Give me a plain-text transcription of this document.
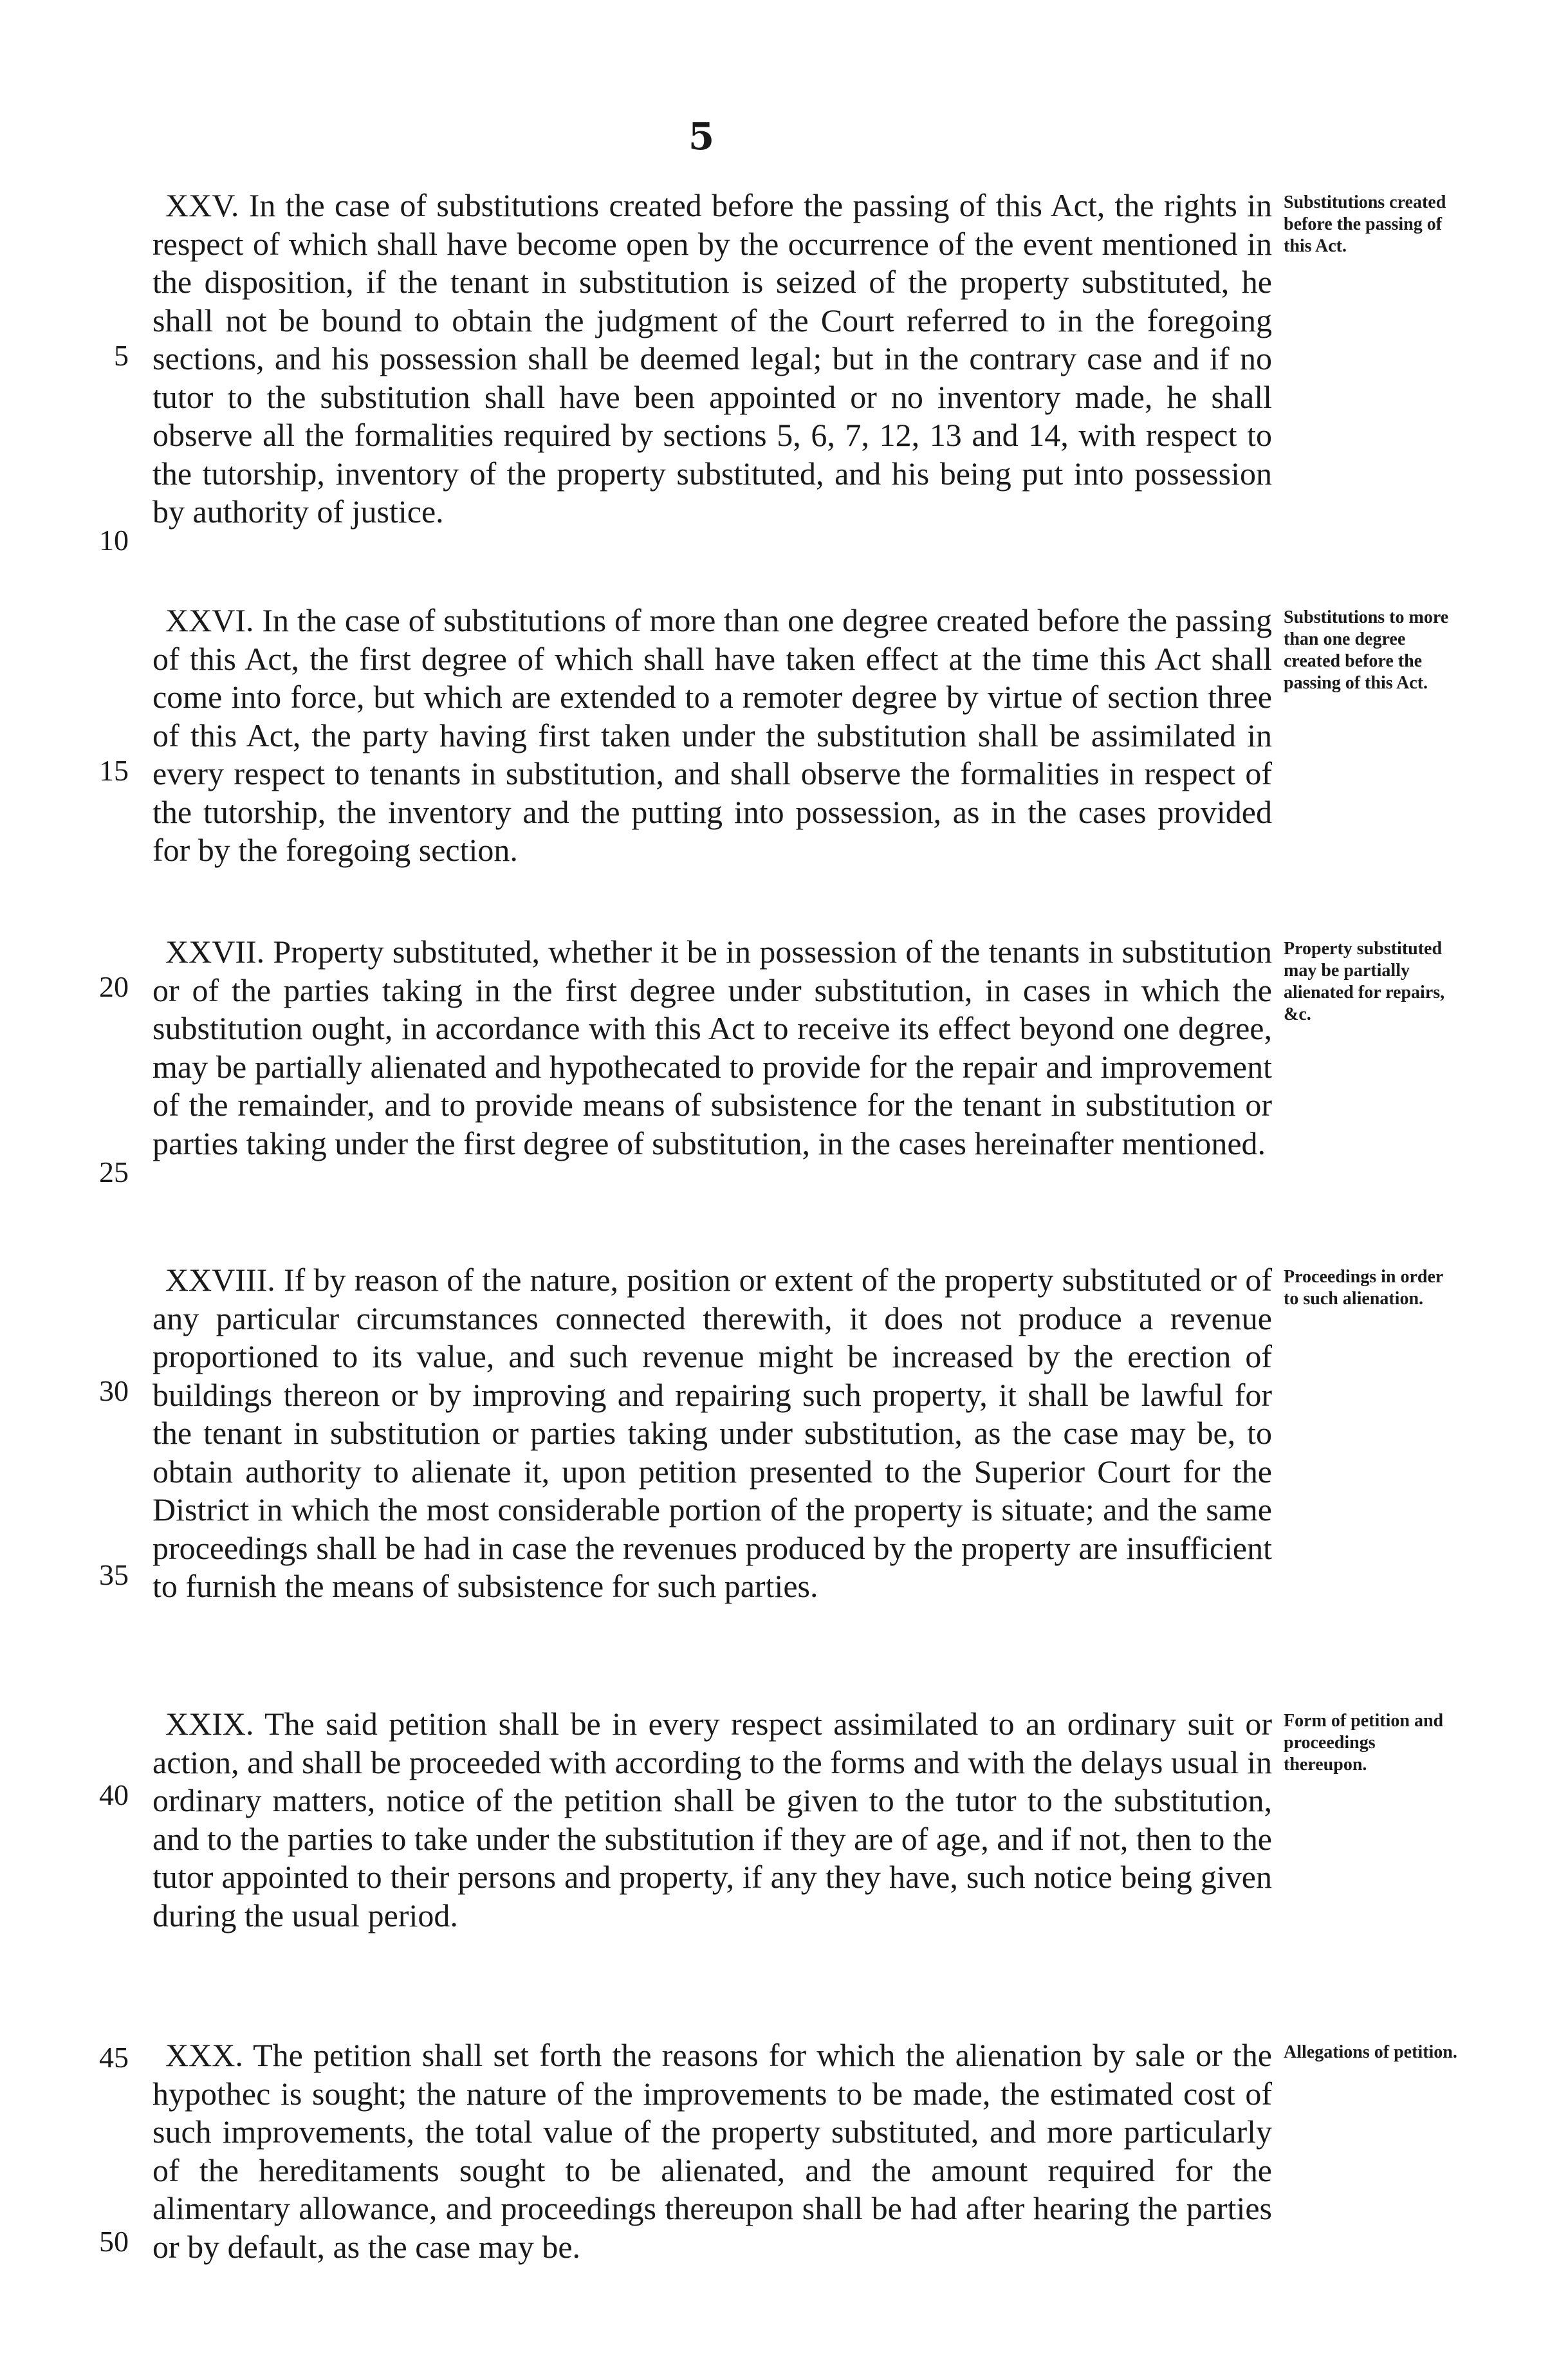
5

XXV. In the case of substitutions created before the passing of this Act, the rights in respect of which shall have become open by the occurrence of the event mentioned in the disposition, if the tenant in substitution is seized of the property substituted, he shall not be bound to obtain the judgment of the Court referred to in the foregoing sections, and his possession shall be deemed legal; but in the contrary case and if no tutor to the substitution shall have been appointed or no inventory made, he shall observe all the formalities required by sections 5, 6, 7, 12, 13 and 14, with respect to the tutorship, inventory of the property substituted, and his being put into possession by authority of justice.

Substitutions created before the passing of this Act.

XXVI. In the case of substitutions of more than one degree created before the passing of this Act, the first degree of which shall have taken effect at the time this Act shall come into force, but which are extended to a remoter degree by virtue of section three of this Act, the party having first taken under the substitution shall be assimilated in every respect to tenants in substitution, and shall observe the formalities in respect of the tutorship, the inventory and the putting into possession, as in the cases provided for by the foregoing section.

Substitutions to more than one degree created before the passing of this Act.

XXVII. Property substituted, whether it be in possession of the tenants in substitution or of the parties taking in the first degree under substitution, in cases in which the substitution ought, in accordance with this Act to receive its effect beyond one degree, may be partially alienated and hypothecated to provide for the repair and improvement of the remainder, and to provide means of subsistence for the tenant in substitution or parties taking under the first degree of substitution, in the cases hereinafter mentioned.

Property substituted may be partially alienated for repairs, &c.

XXVIII. If by reason of the nature, position or extent of the property substituted or of any particular circumstances connected therewith, it does not produce a revenue proportioned to its value, and such revenue might be increased by the erection of buildings thereon or by improving and repairing such property, it shall be lawful for the tenant in substitution or parties taking under substitution, as the case may be, to obtain authority to alienate it, upon petition presented to the Superior Court for the District in which the most considerable portion of the property is situate; and the same proceedings shall be had in case the revenues produced by the property are insufficient to furnish the means of subsistence for such parties.

Proceedings in order to such alienation.

XXIX. The said petition shall be in every respect assimilated to an ordinary suit or action, and shall be proceeded with according to the forms and with the delays usual in ordinary matters, notice of the petition shall be given to the tutor to the substitution, and to the parties to take under the substitution if they are of age, and if not, then to the tutor appointed to their persons and property, if any they have, such notice being given during the usual period.

Form of petition and proceedings thereupon.

XXX. The petition shall set forth the reasons for which the alienation by sale or the hypothec is sought; the nature of the improvements to be made, the estimated cost of such improvements, the total value of the property substituted, and more particularly of the hereditaments sought to be alienated, and the amount required for the alimentary allowance, and proceedings thereupon shall be had after hearing the parties or by default, as the case may be.

Allegations of petition.
5
10
15
20
25
30
35
40
45
50
